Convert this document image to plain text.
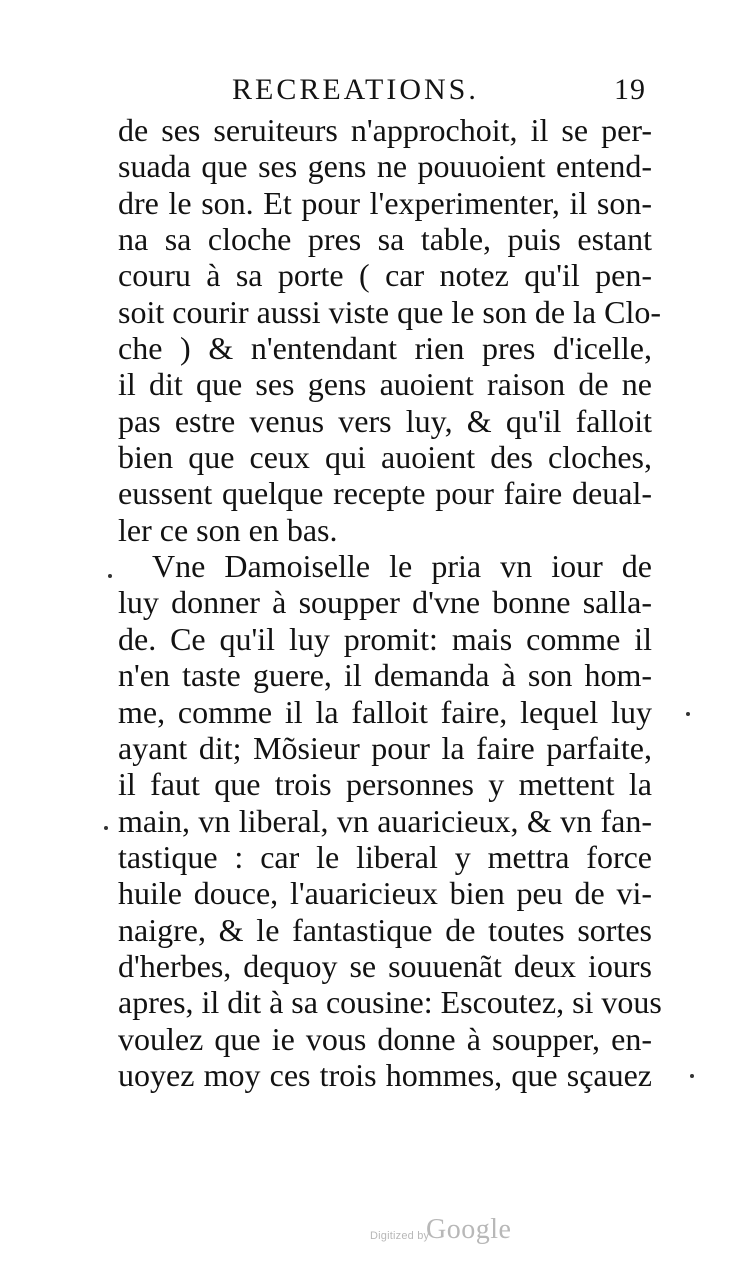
RECREATIONS.	19
de ses seruiteurs n'approchoit, il se per-
suada que ses gens ne pouuoient entend-
dre le son. Et pour l'experimenter, il son-
na sa cloche pres sa table, puis estant
couru à sa porte ( car notez qu'il pen-
soit courir aussi viste que le son de la Clo-
che ) & n'entendant rien pres d'icelle,
il dit que ses gens auoient raison de ne
pas estre venus vers luy, & qu'il falloit
bien que ceux qui auoient des cloches,
eussent quelque recepte pour faire deual-
ler ce son en bas.
Vne Damoiselle le pria vn iour de
luy donner à soupper d'vne bonne salla-
de. Ce qu'il luy promit: mais comme il
n'en taste guere, il demanda à son hom-
me, comme il la falloit faire, lequel luy
ayant dit; Mõsieur pour la faire parfaite,
il faut que trois personnes y mettent la
main, vn liberal, vn auaricieux, & vn fan-
tastique : car le liberal y mettra force
huile douce, l'auaricieux bien peu de vi-
naigre, & le fantastique de toutes sortes
d'herbes, dequoy se souuenãt deux iours
apres, il dit à sa cousine: Escoutez, si vous
voulez que ie vous donne à soupper, en-
uoyez moy ces trois hommes, que sçauez
Digitized by
Google
